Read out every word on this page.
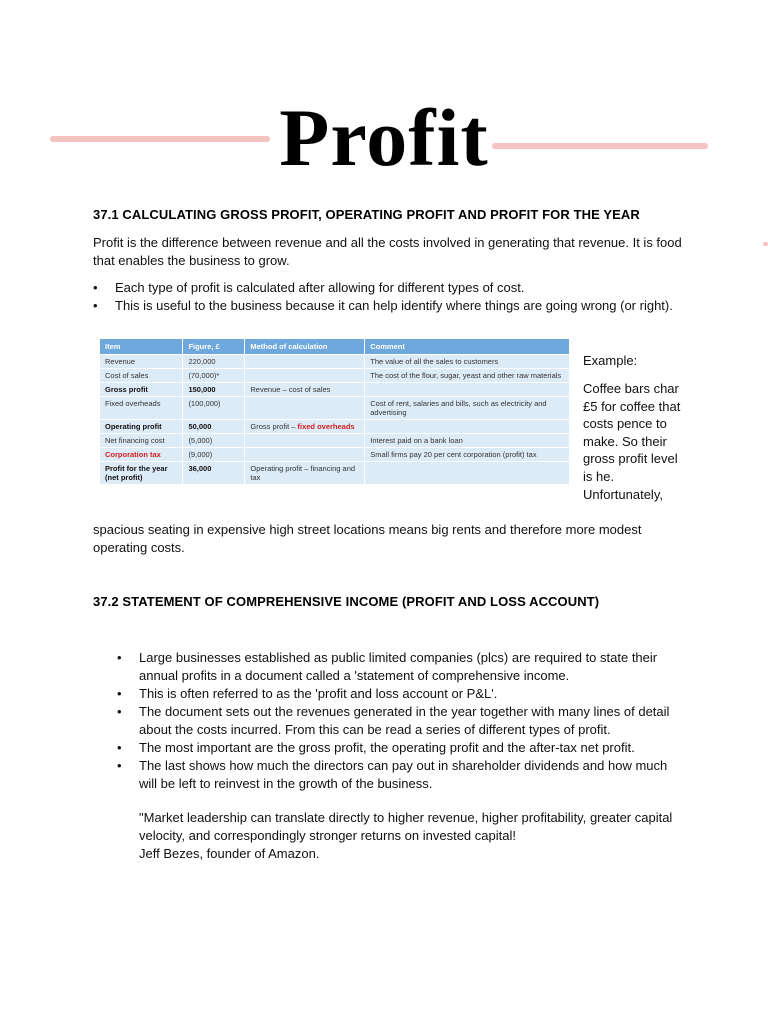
Profit
37.1 CALCULATING GROSS PROFIT, OPERATING PROFIT AND PROFIT FOR THE YEAR
Profit is the difference between revenue and all the costs involved in generating that revenue. It is food that enables the business to grow.
• Each type of profit is calculated after allowing for different types of cost.
• This is useful to the business because it can help identify where things are going wrong (or right).
Item	Figure, £	Method of calculation	Comment
Revenue	220,000		The value of all the sales to customers
Cost of sales	(70,000)*		The cost of the flour, sugar, yeast and other raw materials
Gross profit	150,000	Revenue – cost of sales	
Fixed overheads	(100,000)		Cost of rent, salaries and bills, such as electricity and advertising
Operating profit	50,000	Gross profit – fixed overheads	
Net financing cost	(5,000)		Interest paid on a bank loan
Corporation tax	(9,000)		Small firms pay 20 per cent corporation (profit) tax
Profit for the year (net profit)	36,000	Operating profit – financing and tax	
Example:
Coffee bars char £5 for coffee that costs pence to make. So their gross profit level is he. Unfortunately,
spacious seating in expensive high street locations means big rents and therefore more modest operating costs.
37.2 STATEMENT OF COMPREHENSIVE INCOME (PROFIT AND LOSS ACCOUNT)
• Large businesses established as public limited companies (plcs) are required to state their annual profits in a document called a 'statement of comprehensive income.
• This is often referred to as the 'profit and loss account or P&L'.
• The document sets out the revenues generated in the year together with many lines of detail about the costs incurred. From this can be read a series of different types of profit.
• The most important are the gross profit, the operating profit and the after-tax net profit.
• The last shows how much the directors can pay out in shareholder dividends and how much will be left to reinvest in the growth of the business.
"Market leadership can translate directly to higher revenue, higher profitability, greater capital velocity, and correspondingly stronger returns on invested capital!
Jeff Bezes, founder of Amazon.
